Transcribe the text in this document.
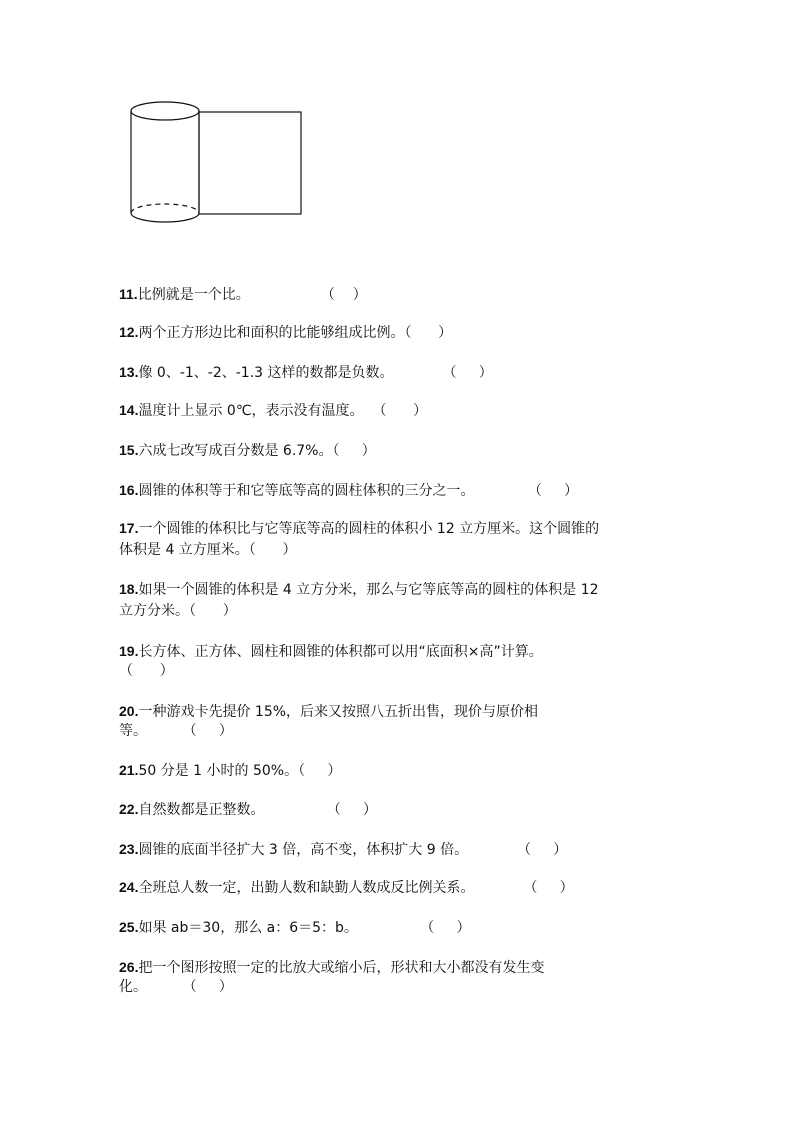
11.比例就是一个比。                （    ）
12.两个正方形边比和面积的比能够组成比例。（      ）
13.像 0、-1、-2、-1.3 这样的数都是负数。           （     ）
14.温度计上显示 0℃，表示没有温度。  （      ）
15.六成七改写成百分数是 6.7%。（     ）
16.圆锥的体积等于和它等底等高的圆柱体积的三分之一。            （     ）
17.一个圆锥的体积比与它等底等高的圆柱的体积小 12 立方厘米。这个圆锥的
体积是 4 立方厘米。（      ）
18.如果一个圆锥的体积是 4 立方分米，那么与它等底等高的圆柱的体积是 12
立方分米。（      ）
19.长方体、正方体、圆柱和圆锥的体积都可以用“底面积×高”计算。
（      ）
20.一种游戏卡先提价 15%，后来又按照八五折出售，现价与原价相
等。        （     ）
21.50 分是 1 小时的 50%。（     ）
22.自然数都是正整数。              （     ）
23.圆锥的底面半径扩大 3 倍，高不变，体积扩大 9 倍。           （     ）
24.全班总人数一定，出勤人数和缺勤人数成反比例关系。           （     ）
25.如果 ab＝30，那么 a：6＝5：b。              （     ）
26.把一个图形按照一定的比放大或缩小后，形状和大小都没有发生变
化。        （     ）
